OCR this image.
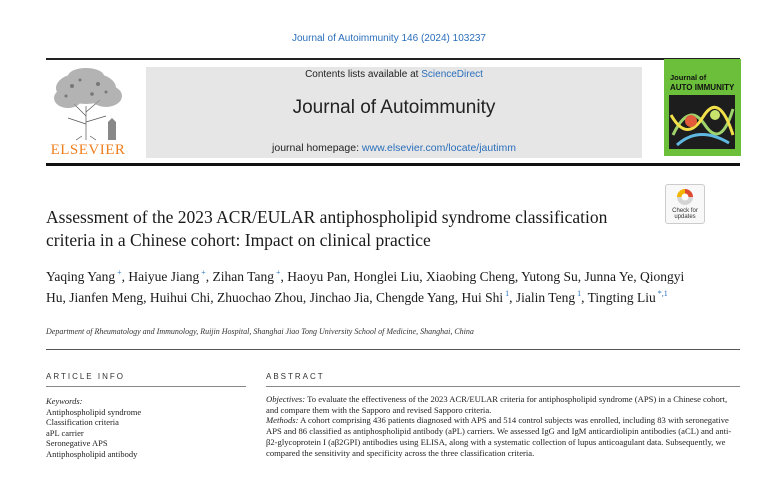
Journal of Autoimmunity 146 (2024) 103237
ELSEVIER
Contents lists available at ScienceDirect
Journal of Autoimmunity
journal homepage: www.elsevier.com/locate/jautimm
Journal of
AUTO IMMUNITY
Check for
updates
Assessment of the 2023 ACR/EULAR antiphospholipid syndrome classification criteria in a Chinese cohort: Impact on clinical practice
Yaqing Yang +, Haiyue Jiang +, Zihan Tang +, Haoyu Pan, Honglei Liu, Xiaobing Cheng, Yutong Su, Junna Ye, Qiongyi Hu, Jianfen Meng, Huihui Chi, Zhuochao Zhou, Jinchao Jia, Chengde Yang, Hui Shi $^1$, Jialin Teng $^1$, Tingting Liu $^{*,1}$
Department of Rheumatology and Immunology, Ruijin Hospital, Shanghai Jiao Tong University School of Medicine, Shanghai, China
ARTICLE INFO	ABSTRACT
Keywords:
Antiphospholipid syndrome
Classification criteria
aPL carrier
Seronegative APS
Antiphospholipid antibody
Objectives: To evaluate the effectiveness of the 2023 ACR/EULAR criteria for antiphospholipid syndrome (APS) in a Chinese cohort, and compare them with the Sapporo and revised Sapporo criteria.
Methods: A cohort comprising 436 patients diagnosed with APS and 514 control subjects was enrolled, including 83 with seronegative APS and 86 classified as antiphospholipid antibody (aPL) carriers. We assessed IgG and IgM anticardiolipin antibodies (aCL) and anti-β2-glycoprotein I (aβ2GPI) antibodies using ELISA, along with a systematic collection of lupus anticoagulant data. Subsequently, we compared the sensitivity and specificity across the three classification criteria.
